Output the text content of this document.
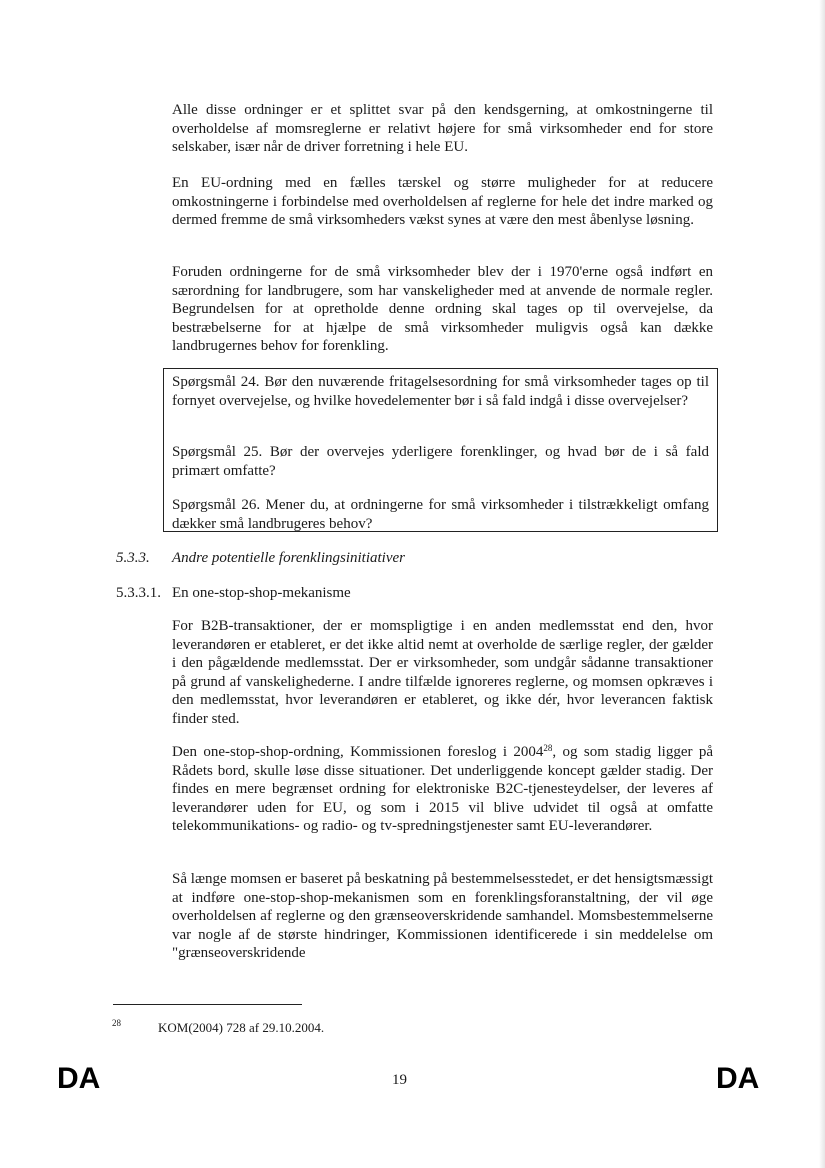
Alle disse ordninger er et splittet svar på den kendsgerning, at omkostningerne til overholdelse af momsreglerne er relativt højere for små virksomheder end for store selskaber, især når de driver forretning i hele EU.

En EU-ordning med en fælles tærskel og større muligheder for at reducere omkostningerne i forbindelse med overholdelsen af reglerne for hele det indre marked og dermed fremme de små virksomheders vækst synes at være den mest åbenlyse løsning.

Foruden ordningerne for de små virksomheder blev der i 1970'erne også indført en særordning for landbrugere, som har vanskeligheder med at anvende de normale regler. Begrundelsen for at opretholde denne ordning skal tages op til overvejelse, da bestræbelserne for at hjælpe de små virksomheder muligvis også kan dække landbrugernes behov for forenkling.

Spørgsmål 24. Bør den nuværende fritagelsesordning for små virksomheder tages op til fornyet overvejelse, og hvilke hovedelementer bør i så fald indgå i disse overvejelser?

Spørgsmål 25. Bør der overvejes yderligere forenklinger, og hvad bør de i så fald primært omfatte?

Spørgsmål 26. Mener du, at ordningerne for små virksomheder i tilstrækkeligt omfang dækker små landbrugeres behov?

5.3.3. Andre potentielle forenklingsinitiativer
5.3.3.1. En one-stop-shop-mekanisme

For B2B-transaktioner, der er momspligtige i en anden medlemsstat end den, hvor leverandøren er etableret, er det ikke altid nemt at overholde de særlige regler, der gælder i den pågældende medlemsstat. Der er virksomheder, som undgår sådanne transaktioner på grund af vanskelighederne. I andre tilfælde ignoreres reglerne, og momsen opkræves i den medlemsstat, hvor leverandøren er etableret, og ikke dér, hvor leverancen faktisk finder sted.

Den one-stop-shop-ordning, Kommissionen foreslog i 2004$^{28}$, og som stadig ligger på Rådets bord, skulle løse disse situationer. Det underliggende koncept gælder stadig. Der findes en mere begrænset ordning for elektroniske B2C-tjenesteydelser, der leveres af leverandører uden for EU, og som i 2015 vil blive udvidet til også at omfatte telekommunikations- og radio- og tv-spredningstjenester samt EU-leverandører.

Så længe momsen er baseret på beskatning på bestemmelsesstedet, er det hensigtsmæssigt at indføre one-stop-shop-mekanismen som en forenklingsforanstaltning, der vil øge overholdelsen af reglerne og den grænseoverskridende samhandel. Momsbestemmelserne var nogle af de største hindringer, Kommissionen identificerede i sin meddelelse om "grænseoverskridende

28	KOM(2004) 728 af 29.10.2004.
DA	19	DA
